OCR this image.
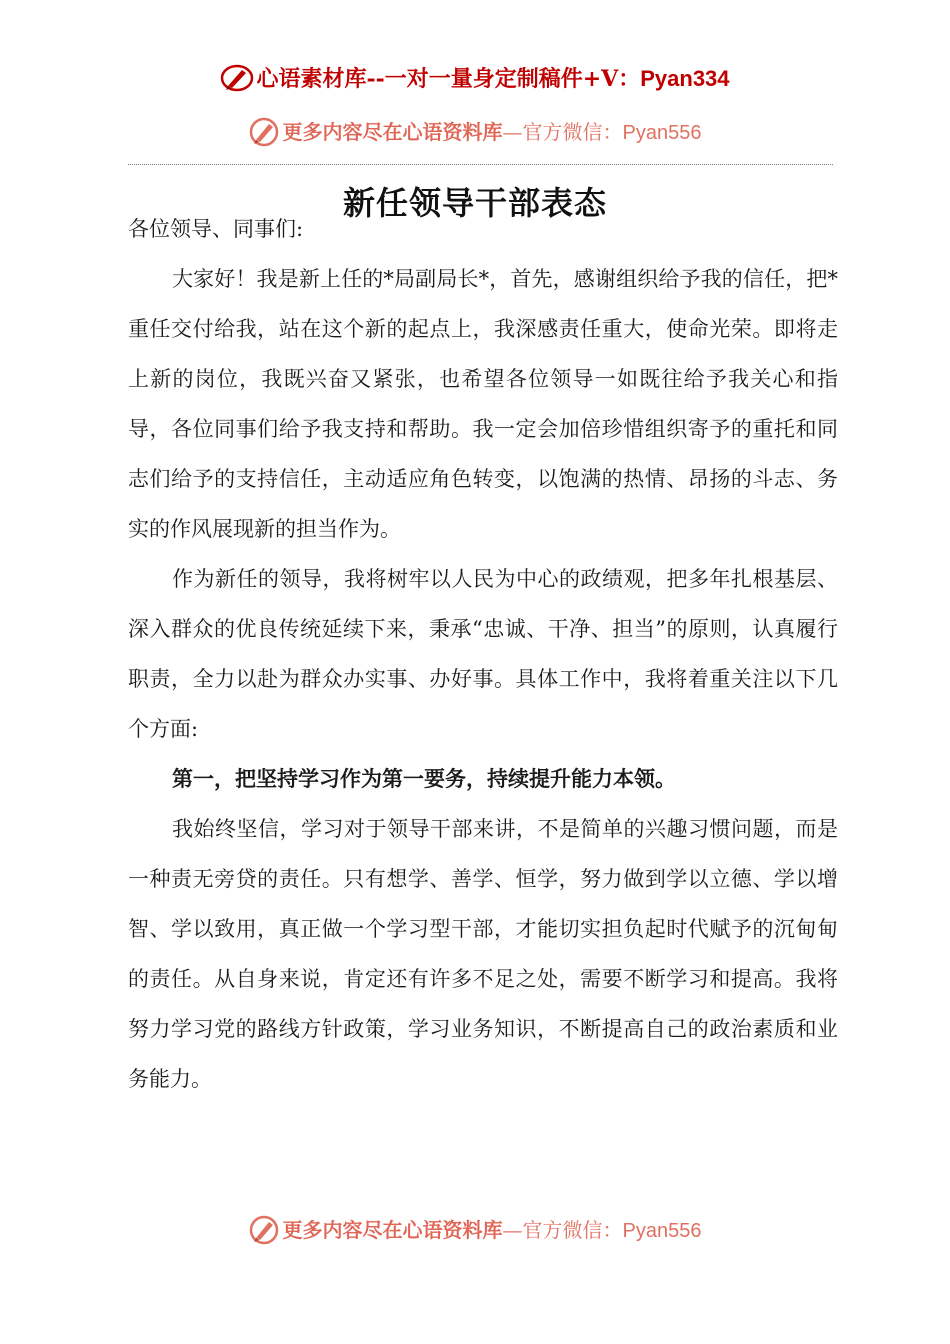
心语素材库--一对一量身定制稿件+V：Pyan334
更多内容尽在心语资料库—官方微信：Pyan556
新任领导干部表态

各位领导、同事们:

大家好！我是新上任的*局副局长*，首先，感谢组织给予我的信任，把*重任交付给我，站在这个新的起点上，我深感责任重大，使命光荣。即将走上新的岗位，我既兴奋又紧张，也希望各位领导一如既往给予我关心和指导，各位同事们给予我支持和帮助。我一定会加倍珍惜组织寄予的重托和同志们给予的支持信任，主动适应角色转变，以饱满的热情、昂扬的斗志、务实的作风展现新的担当作为。

作为新任的领导，我将树牢以人民为中心的政绩观，把多年扎根基层、深入群众的优良传统延续下来，秉承“忠诚、干净、担当”的原则，认真履行职责，全力以赴为群众办实事、办好事。具体工作中，我将着重关注以下几个方面:

第一，把坚持学习作为第一要务，持续提升能力本领。

我始终坚信，学习对于领导干部来讲，不是简单的兴趣习惯问题，而是一种责无旁贷的责任。只有想学、善学、恒学，努力做到学以立德、学以增智、学以致用，真正做一个学习型干部，才能切实担负起时代赋予的沉甸甸的责任。从自身来说，肯定还有许多不足之处，需要不断学习和提高。我将努力学习党的路线方针政策，学习业务知识，不断提高自己的政治素质和业务能力。

更多内容尽在心语资料库—官方微信：Pyan556
